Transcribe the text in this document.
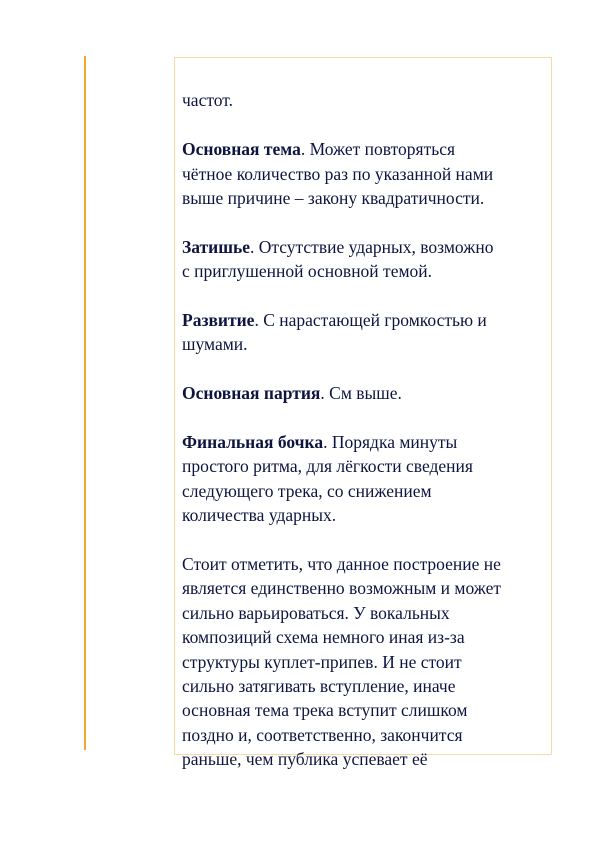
частот.

Основная тема. Может повторяться
чётное количество раз по указанной нами
выше причине – закону квадратичности.

Затишье. Отсутствие ударных, возможно
с приглушенной основной темой.

Развитие. С нарастающей громкостью и
шумами.

Основная партия. См выше.

Финальная бочка. Порядка минуты
простого ритма, для лёгкости сведения
следующего трека, со снижением
количества ударных.

Стоит отметить, что данное построение не
является единственно возможным и может
сильно варьироваться. У вокальных
композиций схема немного иная из-за
структуры куплет-припев. И не стоит
сильно затягивать вступление, иначе
основная тема трека вступит слишком
поздно и, соответственно, закончится
раньше, чем публика успевает её
